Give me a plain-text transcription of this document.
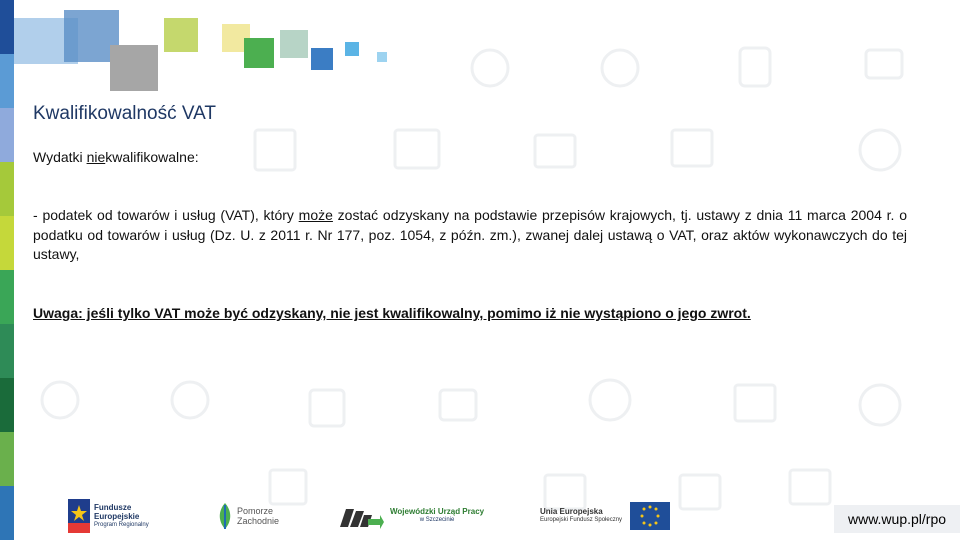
Kwalifikowalność VAT
Wydatki niekwalifikowalne:
- podatek od towarów i usług (VAT), który może zostać odzyskany na podstawie przepisów krajowych, tj. ustawy z dnia 11 marca 2004 r. o podatku od towarów i usług (Dz. U. z 2011 r. Nr 177, poz. 1054, z późn. zm.), zwanej dalej ustawą o VAT, oraz aktów wykonawczych do tej ustawy,
Uwaga: jeśli tylko VAT może być odzyskany, nie jest kwalifikowalny, pomimo iż nie wystąpiono o jego zwrot.
Fundusze
Europejskie
Program Regionalny
Pomorze
Zachodnie
Wojewódzki Urząd Pracy
w Szczecinie
Unia Europejska
Europejski Fundusz Społeczny	www.wup.pl/rpo
